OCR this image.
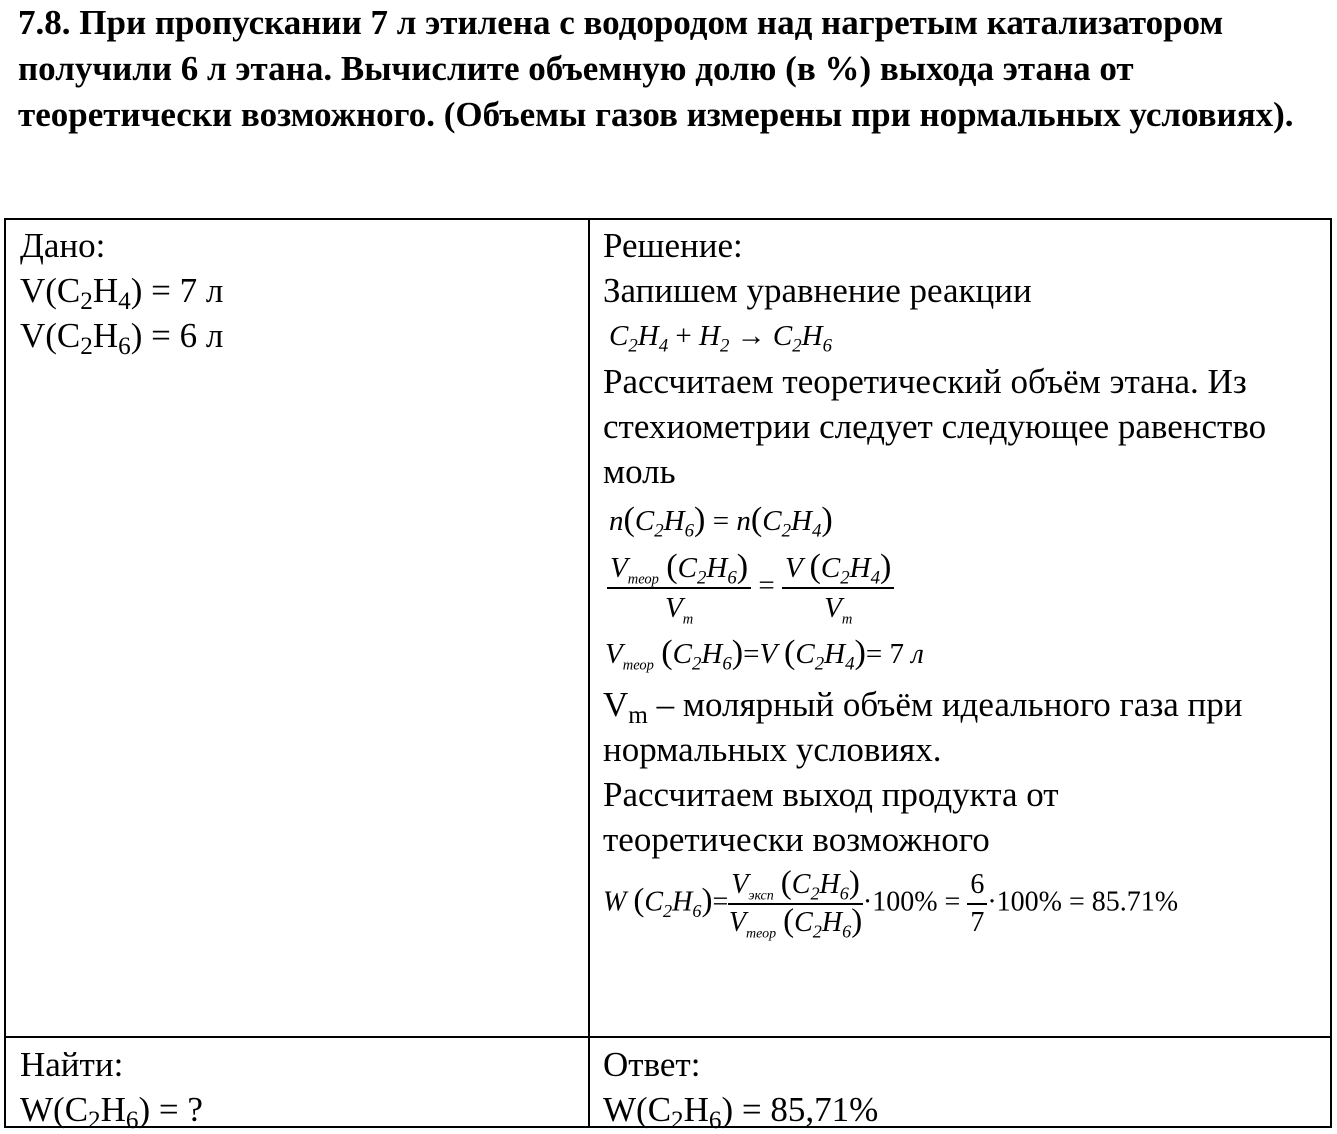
7.8. При пропускании 7 л этилена с водородом над нагретым катализатором получили 6 л этана. Вычислите объемную долю (в %) выхода этана от теоретически возможного. (Объемы газов измерены при нормальных условиях).

Дано:
$V(C_2H_4) = 7$ л
$V(C_2H_6) = 6$ л
Решение:
Запишем уравнение реакции
$C_2H_4 + H_2 \to C_2H_6$
Рассчитаем теоретический объём этана. Из стехиометрии следует следующее равенство моль
$n(C_2H_6) = n(C_2H_4)$
$\frac{V_{теор} (C_2H_6)}{V_m} = \frac{V (C_2H_4)}{V_m}$
$V_{теор}$ $(C_2H_6)=V$ $(C_2H_4)= 7$ л
$V_m$ – молярный объём идеального газа при нормальных условиях.
Рассчитаем выход продукта от теоретически возможного
W $(C_2H_6)= \frac{V_{эксп} (C_2H_6)}{V_{теор} (C_2H_6)} \cdot 100\% = \frac{6}{7} \cdot 100\% = 85.71\%$
Найти:
$W(C_2H_6)$ = ?
Ответ:
$W(C_2H_6) = 85,71\%$
